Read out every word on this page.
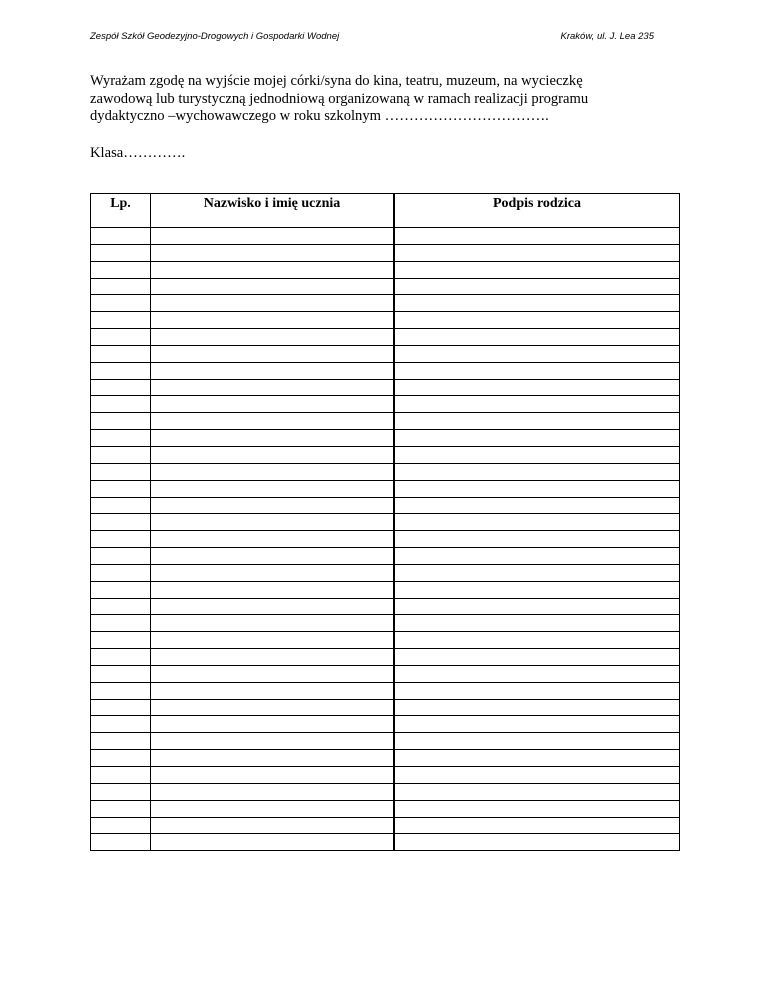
Zespół Szkół Geodezyjno-Drogowych i Gospodarki Wodnej	Kraków, ul. J. Lea 235

Wyrażam zgodę na wyjście mojej córki/syna do kina, teatru, muzeum, na wycieczkę
zawodową lub turystyczną jednodniową organizowaną w ramach realizacji programu
dydaktyczno –wychowawczego w roku szkolnym …………………………….

Klasa………….
Lp.	Nazwisko i imię ucznia	Podpis rodzica
